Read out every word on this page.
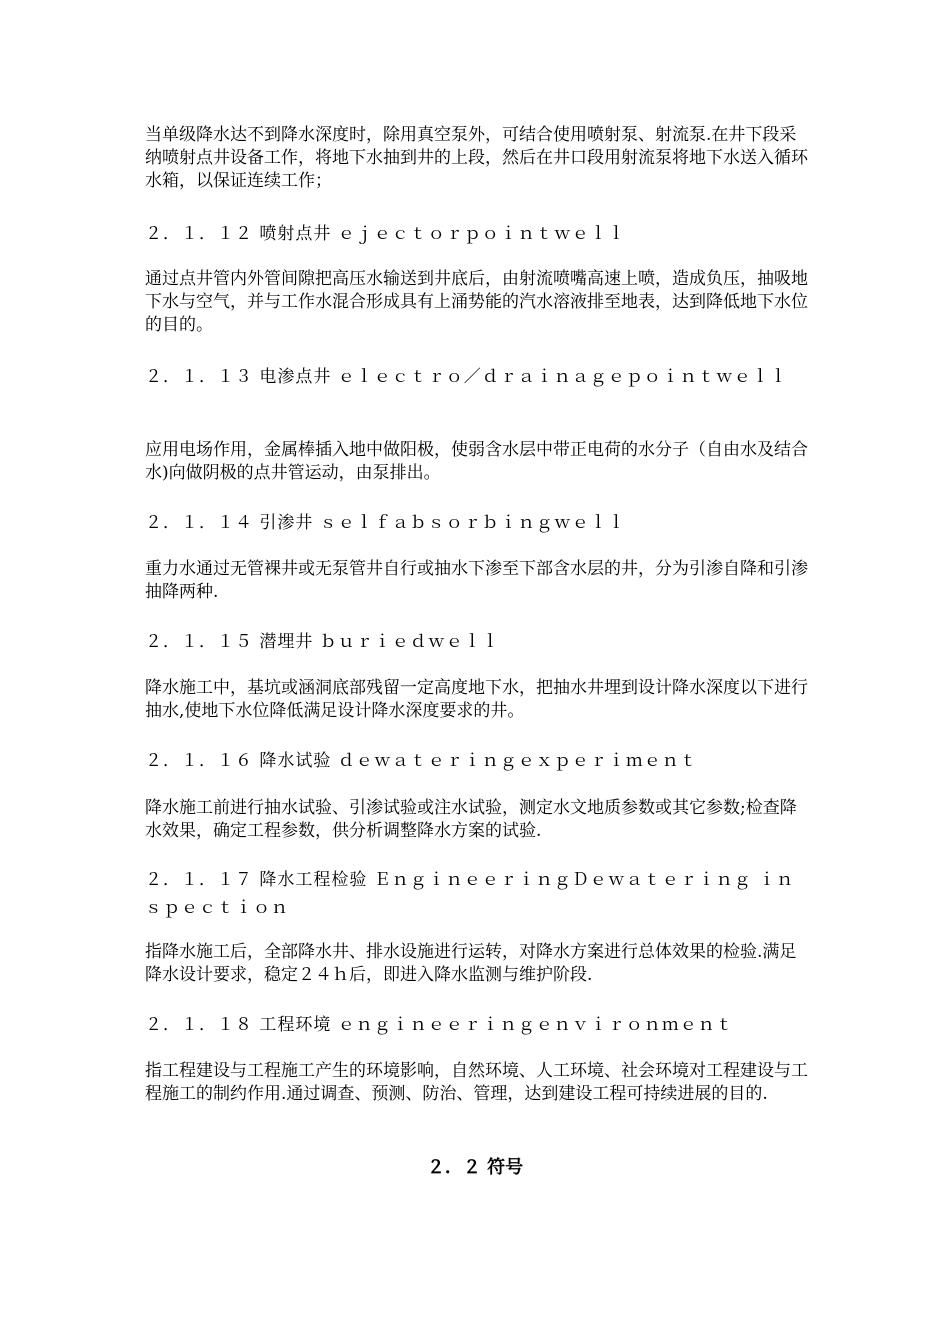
当单级降水达不到降水深度时，除用真空泵外，可结合使用喷射泵、射流泵.在井下段采纳喷射点井设备工作，将地下水抽到井的上段，然后在井口段用射流泵将地下水送入循环水箱，以保证连续工作；

２．１．１２ 喷射点井 ｅｊｅｃｔｏｒｐｏｉｎｔｗｅｌｌ

通过点井管内外管间隙把高压水输送到井底后，由射流喷嘴高速上喷，造成负压，抽吸地下水与空气，并与工作水混合形成具有上涌势能的汽水溶液排至地表，达到降低地下水位的目的。

２．１．１３ 电渗点井 ｅｌｅｃｔｒｏ／ｄｒａｉｎａｇｅｐｏｉｎｔｗｅｌｌ

应用电场作用，金属棒插入地中做阳极，使弱含水层中带正电荷的水分子（自由水及结合水)向做阴极的点井管运动，由泵排出。

２．１．１４ 引渗井 ｓｅｌｆａｂｓｏｒｂｉｎｇｗｅｌｌ

重力水通过无管裸井或无泵管井自行或抽水下渗至下部含水层的井，分为引渗自降和引渗抽降两种.

２．１．１５ 潜埋井 ｂｕｒｉｅｄｗｅｌｌ

降水施工中，基坑或涵洞底部残留一定高度地下水，把抽水井埋到设计降水深度以下进行抽水,使地下水位降低满足设计降水深度要求的井。

２．１．１６ 降水试验 ｄｅｗａｔｅｒｉｎｇｅｘｐｅｒｉｍｅｎｔ

降水施工前进行抽水试验、引渗试验或注水试验，测定水文地质参数或其它参数;检查降水效果，确定工程参数，供分析调整降水方案的试验.

２．１．１７ 降水工程检验 ＥｎｇｉｎｅｅｒｉｎｇＤｅｗａｔｅｒｉｎｇ ｉｎｓｐｅｃｔｉｏｎ

指降水施工后，全部降水井、排水设施进行运转，对降水方案进行总体效果的检验.满足降水设计要求，稳定２４ｈ后，即进入降水监测与维护阶段.

２．１．１８ 工程环境 ｅｎｇｉｎｅｅｒｉｎｇｅｎｖｉｒｏｎｍｅｎｔ

指工程建设与工程施工产生的环境影响，自然环境、人工环境、社会环境对工程建设与工程施工的制约作用.通过调查、预测、防治、管理，达到建设工程可持续进展的目的.

２．２ 符号
